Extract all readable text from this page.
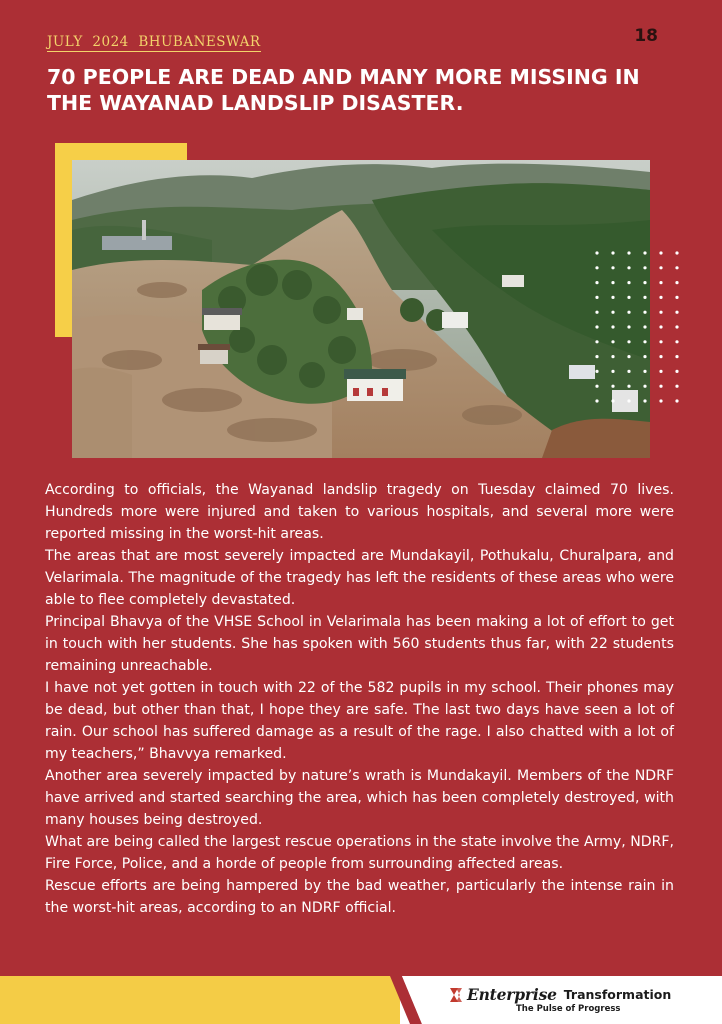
JULY  2024  BHUBANESWAR	18
70 PEOPLE ARE DEAD AND MANY MORE MISSING IN THE WAYANAD LANDSLIP DISASTER.

According to officials, the Wayanad landslip tragedy on Tuesday claimed 70 lives. Hundreds more were injured and taken to various hospitals, and several more were reported missing in the worst-hit areas.

The areas that are most severely impacted are Mundakayil, Pothukalu, Churalpara, and Velarimala. The magnitude of the tragedy has left the residents of these areas who were able to flee completely devastated.

Principal Bhavya of the VHSE School in Velarimala has been making a lot of effort to get in touch with her students. She has spoken with 560 students thus far, with 22 students remaining unreachable.

I have not yet gotten in touch with 22 of the 582 pupils in my school. Their phones may be dead, but other than that, I hope they are safe. The last two days have seen a lot of rain. Our school has suffered damage as a result of the rage. I also chatted with a lot of my teachers,” Bhavvya remarked.

Another area severely impacted by nature’s wrath is Mundakayil. Members of the NDRF have arrived and started searching the area, which has been completely destroyed, with many houses being destroyed.

What are being called the largest rescue operations in the state involve the Army, NDRF, Fire Force, Police, and a horde of people from surrounding affected areas.

Rescue efforts are being hampered by the bad weather, particularly the intense rain in the worst-hit areas, according to an NDRF official.

Enterprise Transformation
The Pulse of Progress
